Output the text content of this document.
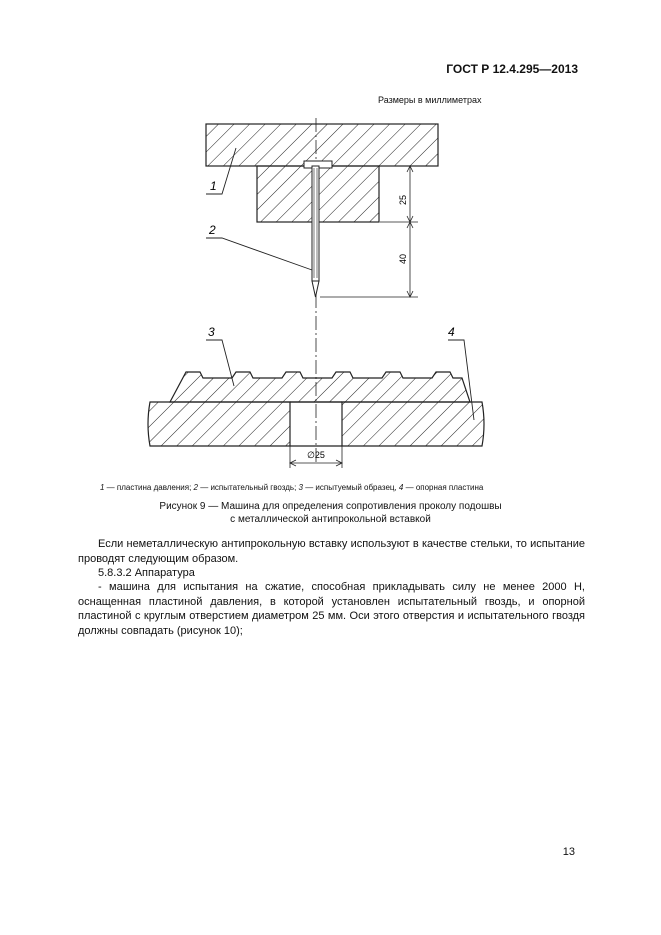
ГОСТ Р 12.4.295—2013
Размеры в миллиметрах
25
40
∅25
1
2
3	4
1 — пластина давления; 2 — испытательный гвоздь; 3 — испытуемый образец, 4 — опорная пластина
Рисунок 9 — Машина для определения сопротивления проколу подошвы
с металлической антипрокольной вставкой
Если неметаллическую антипрокольную вставку используют в качестве стельки, то испытание проводят следующим образом.
5.8.3.2 Аппаратура
- машина для испытания на сжатие, способная прикладывать силу не менее 2000 Н, оснащенная пластиной давления, в которой установлен испытательный гвоздь, и опорной пластиной с круглым отверстием диаметром 25 мм. Оси этого отверстия и испытательного гвоздя должны совпадать (рисунок 10);
13
